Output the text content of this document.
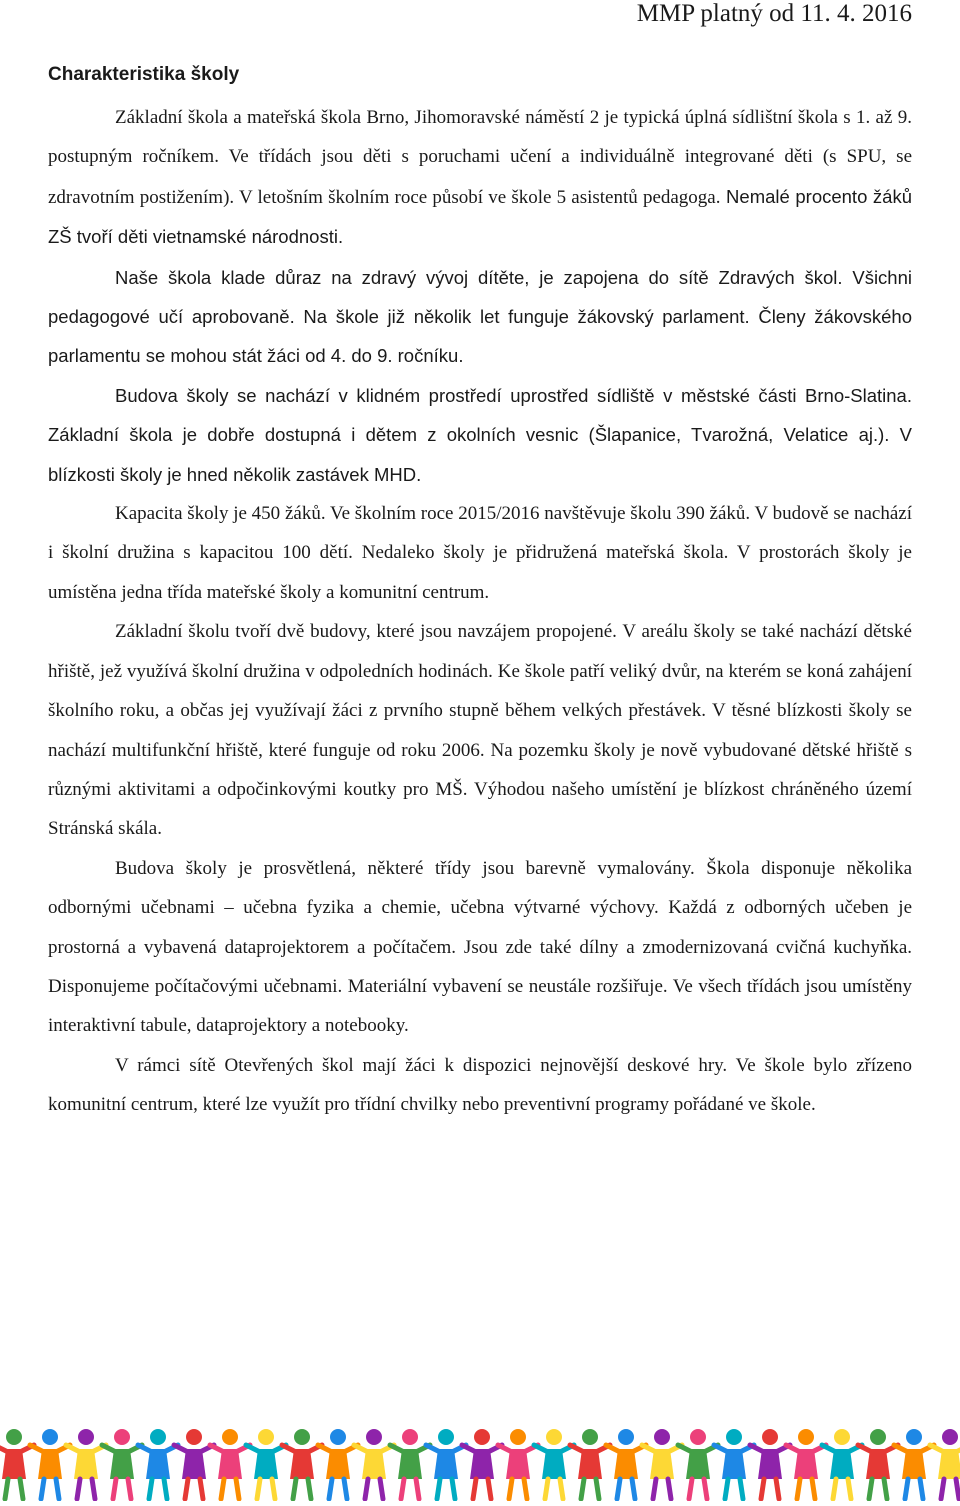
MMP platný od 11. 4. 2016
Charakteristika školy

Základní škola a mateřská škola Brno, Jihomoravské náměstí 2 je typická úplná sídlištní škola s 1. až 9. postupným ročníkem. Ve třídách jsou děti s poruchami učení a individuálně integrované děti (s SPU, se zdravotním postižením). V letošním školním roce působí ve škole 5 asistentů pedagoga. Nemalé procento žáků ZŠ tvoří děti vietnamské národnosti.

Naše škola klade důraz na zdravý vývoj dítěte, je zapojena do sítě Zdravých škol. Všichni pedagogové učí aprobovaně. Na škole již několik let funguje žákovský parlament. Členy žákovského parlamentu se mohou stát žáci od 4. do 9. ročníku.

Budova školy se nachází v klidném prostředí uprostřed sídliště v městské části Brno-Slatina. Základní škola je dobře dostupná i dětem z okolních vesnic (Šlapanice, Tvarožná, Velatice aj.). V blízkosti školy je hned několik zastávek MHD.

Kapacita školy je 450 žáků. Ve školním roce 2015/2016 navštěvuje školu 390 žáků. V budově se nachází i školní družina s kapacitou 100 dětí. Nedaleko školy je přidružená mateřská škola. V prostorách školy je umístěna jedna třída mateřské školy a komunitní centrum.

Základní školu tvoří dvě budovy, které jsou navzájem propojené. V areálu školy se také nachází dětské hřiště, jež využívá školní družina v odpoledních hodinách. Ke škole patří veliký dvůr, na kterém se koná zahájení školního roku, a občas jej využívají žáci z prvního stupně během velkých přestávek. V těsné blízkosti školy se nachází multifunkční hřiště, které funguje od roku 2006. Na pozemku školy je nově vybudované dětské hřiště s různými aktivitami a odpočinkovými koutky pro MŠ. Výhodou našeho umístění je blízkost chráněného území Stránská skála.

Budova školy je prosvětlená, některé třídy jsou barevně vymalovány. Škola disponuje několika odbornými učebnami – učebna fyzika a chemie, učebna výtvarné výchovy. Každá z odborných učeben je prostorná a vybavená dataprojektorem a počítačem. Jsou zde také dílny a zmodernizovaná cvičná kuchyňka. Disponujeme počítačovými učebnami. Materiální vybavení se neustále rozšiřuje. Ve všech třídách jsou umístěny interaktivní tabule, dataprojektory a notebooky.

V rámci sítě Otevřených škol mají žáci k dispozici nejnovější deskové hry. Ve škole bylo zřízeno komunitní centrum, které lze využít pro třídní chvilky nebo preventivní programy pořádané ve škole.
